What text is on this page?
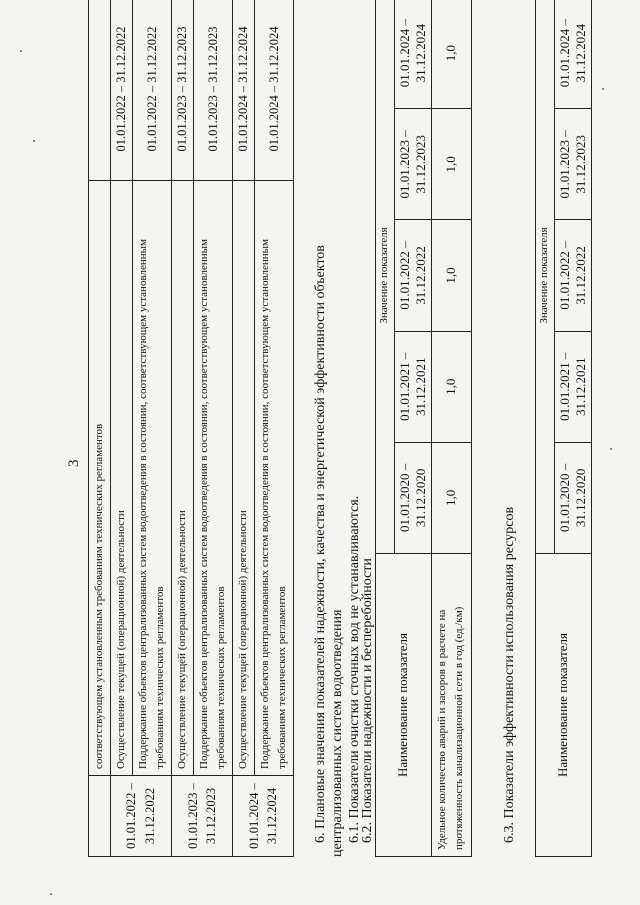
3
	соответствующем установленным требованиям технических регламентов	
01.01.2022 – 31.12.2022	Осуществление текущей (операционной) деятельности	01.01.2022 – 31.12.2022
	Поддержание объектов централизованных систем водоотведения в состоянии, соответствующем установленным требованиям технических регламентов	01.01.2022 – 31.12.2022
01.01.2023 – 31.12.2023	Осуществление текущей (операционной) деятельности	01.01.2023 – 31.12.2023
	Поддержание объектов централизованных систем водоотведения в состоянии, соответствующем установленным требованиям технических регламентов	01.01.2023 – 31.12.2023
01.01.2024 – 31.12.2024	Осуществление текущей (операционной) деятельности	01.01.2024 – 31.12.2024
	Поддержание объектов централизованных систем водоотведения в состоянии, соответствующем установленным требованиям технических регламентов	01.01.2024 – 31.12.2024
6. Плановые значения показателей надежности, качества и энергетической эффективности объектов централизованных систем водоотведения 6.1. Показатели очистки сточных вод не устанавливаются.
6.2. Показатели надежности и бесперебойности Наименование показателя	Значение показателя				
	01.01.2020 – 31.12.2020	01.01.2021 – 31.12.2021	01.01.2022 – 31.12.2022	01.01.2023 – 31.12.2023	01.01.2024 – 31.12.2024
Удельное количество аварий и засоров в расчете на протяженность канализационной сети в год (ед./км)	1,0	1,0	1,0	1,0	1,0
6.3. Показатели эффективности использования ресурсов	Наименование показателя	Значение показателя				
	01.01.2020 – 31.12.2020	01.01.2021 – 31.12.2021	01.01.2022 – 31.12.2022	01.01.2023 – 31.12.2023	01.01.2024 – 31.12.2024
